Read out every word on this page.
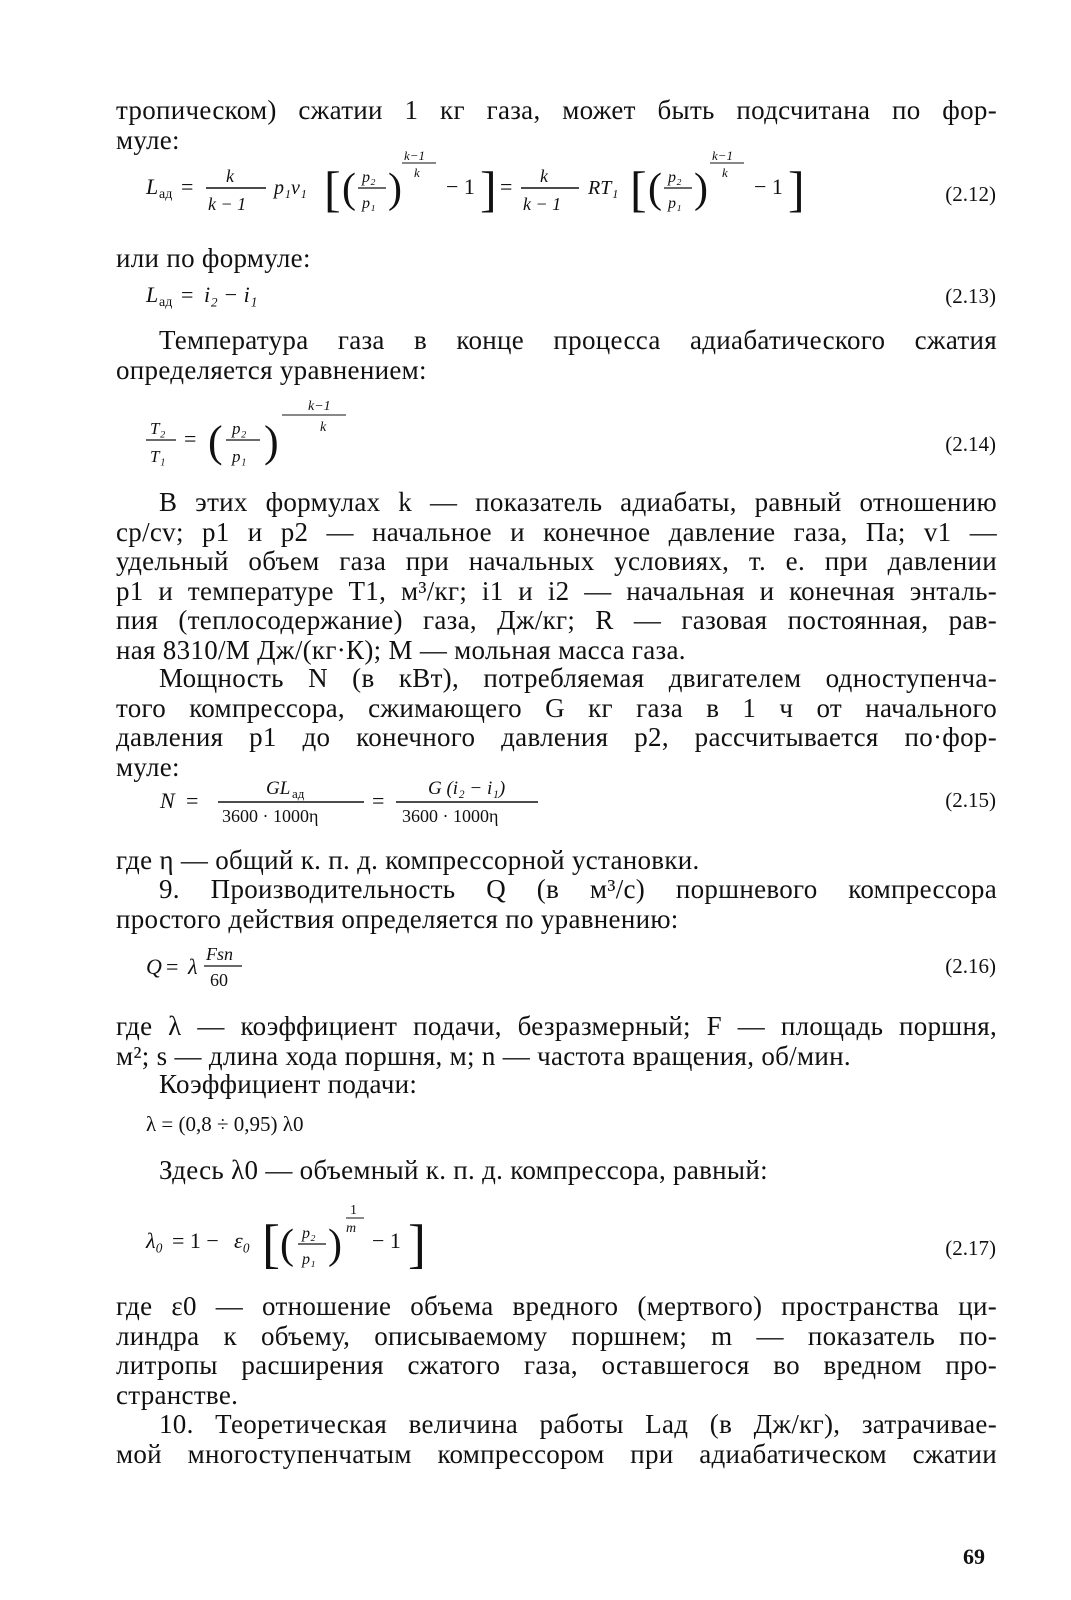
тропическом) сжатии 1 кг газа, может быть подсчитана по фор-
муле:
L ад = k
k − 1
p₁v₁ [ ( p₂
p₁ )
k−1
k
− 1 ] = k
k − 1
RT₁ [ ( p₂
p₁ )
k−1
k
− 1 ]	(2.12)
или по формуле:
L ад = i₂ − i₁	(2.13)
Температура газа в конце процесса адиабатического сжатия
определяется уравнением:
T₂
T₁
= ( p₂
p₁ )
k−1
k
(2.14)
В этих формулах k — показатель адиабаты, равный отношению
cp/cv; p1 и p2 — начальное и конечное давление газа, Па; v1 —
удельный объем газа при начальных условиях, т. е. при давлении
p1 и температуре T1, м³/кг; i1 и i2 — начальная и конечная энталь-
пия (теплосодержание) газа, Дж/кг; R — газовая постоянная, рав-
ная 8310/M Дж/(кг·К); M — мольная масса газа.
Мощность N (в кВт), потребляемая двигателем одноступенча-
того компрессора, сжимающего G кг газа в 1 ч от начального
давления p1 до конечного давления p2, рассчитывается по·фор-
муле:
N =	GL ад
3600 · 1000η
= G (i₂ − i₁)
3600 · 1000η
(2.15)
где η — общий к. п. д. компрессорной установки.
9. Производительность Q (в м³/с) поршневого компрессора
простого действия определяется по уравнению:
Q = λ Fsn
60
(2.16)
где λ — коэффициент подачи, безразмерный; F — площадь поршня,
м²; s — длина хода поршня, м; n — частота вращения, об/мин.
Коэффициент подачи:
λ = (0,8 ÷ 0,95) λ0
Здесь λ0 — объемный к. п. д. компрессора, равный:
λ₀ = 1 − ε₀ [ ( p₂
p₁ )
1
m − 1 ]	(2.17)
где ε0 — отношение объема вредного (мертвого) пространства ци-
линдра к объему, описываемому поршнем; m — показатель по-
литропы расширения сжатого газа, оставшегося во вредном про-
странстве.
10. Теоретическая величина работы Lад (в Дж/кг), затрачивае-
мой многоступенчатым компрессором при адиабатическом сжатии
69
